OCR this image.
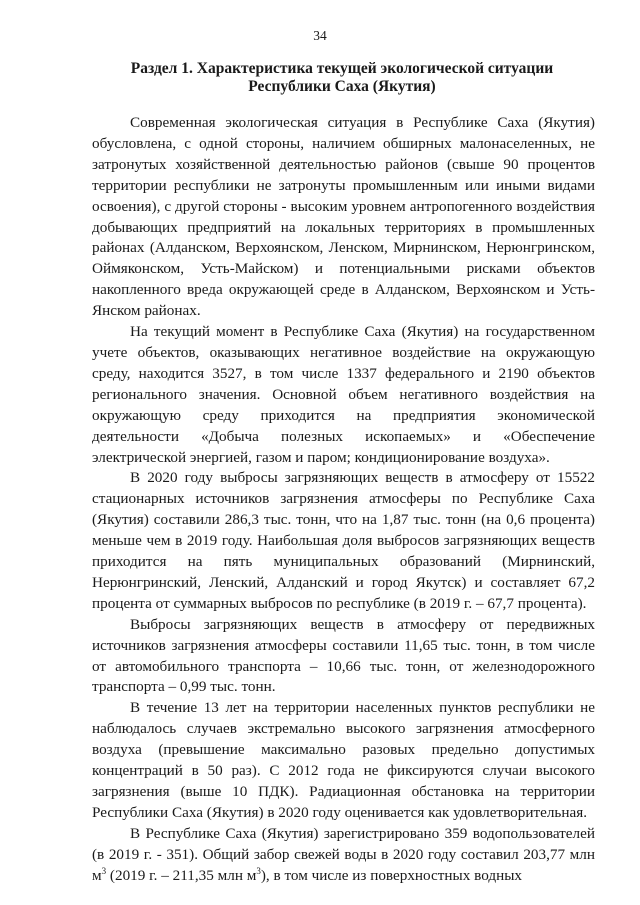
34
Раздел 1. Характеристика текущей экологической ситуации
Республики Саха (Якутия)

Современная экологическая ситуация в Республике Саха (Якутия) обусловлена, с одной стороны, наличием обширных малонаселенных, не затронутых хозяйственной деятельностью районов (свыше 90 процентов территории республики не затронуты промышленным или иными видами освоения), с другой стороны - высоким уровнем антропогенного воздействия добывающих предприятий на локальных территориях в промышленных районах (Алданском, Верхоянском, Ленском, Мирнинском, Нерюнгринском, Оймяконском, Усть-Майском) и потенциальными рисками объектов накопленного вреда окружающей среде в Алданском, Верхоянском и Усть-Янском районах.

На текущий момент в Республике Саха (Якутия) на государственном учете объектов, оказывающих негативное воздействие на окружающую среду, находится 3527, в том числе 1337 федерального и 2190 объектов регионального значения. Основной объем негативного воздействия на окружающую среду приходится на предприятия экономической деятельности «Добыча полезных ископаемых» и «Обеспечение электрической энергией, газом и паром; кондиционирование воздуха».

В 2020 году выбросы загрязняющих веществ в атмосферу от 15522 стационарных источников загрязнения атмосферы по Республике Саха (Якутия) составили 286,3 тыс. тонн, что на 1,87 тыс. тонн (на 0,6 процента) меньше чем в 2019 году. Наибольшая доля выбросов загрязняющих веществ приходится на пять муниципальных образований (Мирнинский, Нерюнгринский, Ленский, Алданский и город Якутск) и составляет 67,2 процента от суммарных выбросов по республике (в 2019 г. – 67,7 процента).

Выбросы загрязняющих веществ в атмосферу от передвижных источников загрязнения атмосферы составили 11,65 тыс. тонн, в том числе от автомобильного транспорта – 10,66 тыс. тонн, от железнодорожного транспорта – 0,99 тыс. тонн.

В течение 13 лет на территории населенных пунктов республики не наблюдалось случаев экстремально высокого загрязнения атмосферного воздуха (превышение максимально разовых предельно допустимых концентраций в 50 раз). С 2012 года не фиксируются случаи высокого загрязнения (выше 10 ПДК). Радиационная обстановка на территории Республики Саха (Якутия) в 2020 году оценивается как удовлетворительная.

В Республике Саха (Якутия) зарегистрировано 359 водопользователей (в 2019 г. - 351). Общий забор свежей воды в 2020 году составил 203,77 млн $м^3$ (2019 г. – 211,35 млн $м^3$), в том числе из поверхностных водных
